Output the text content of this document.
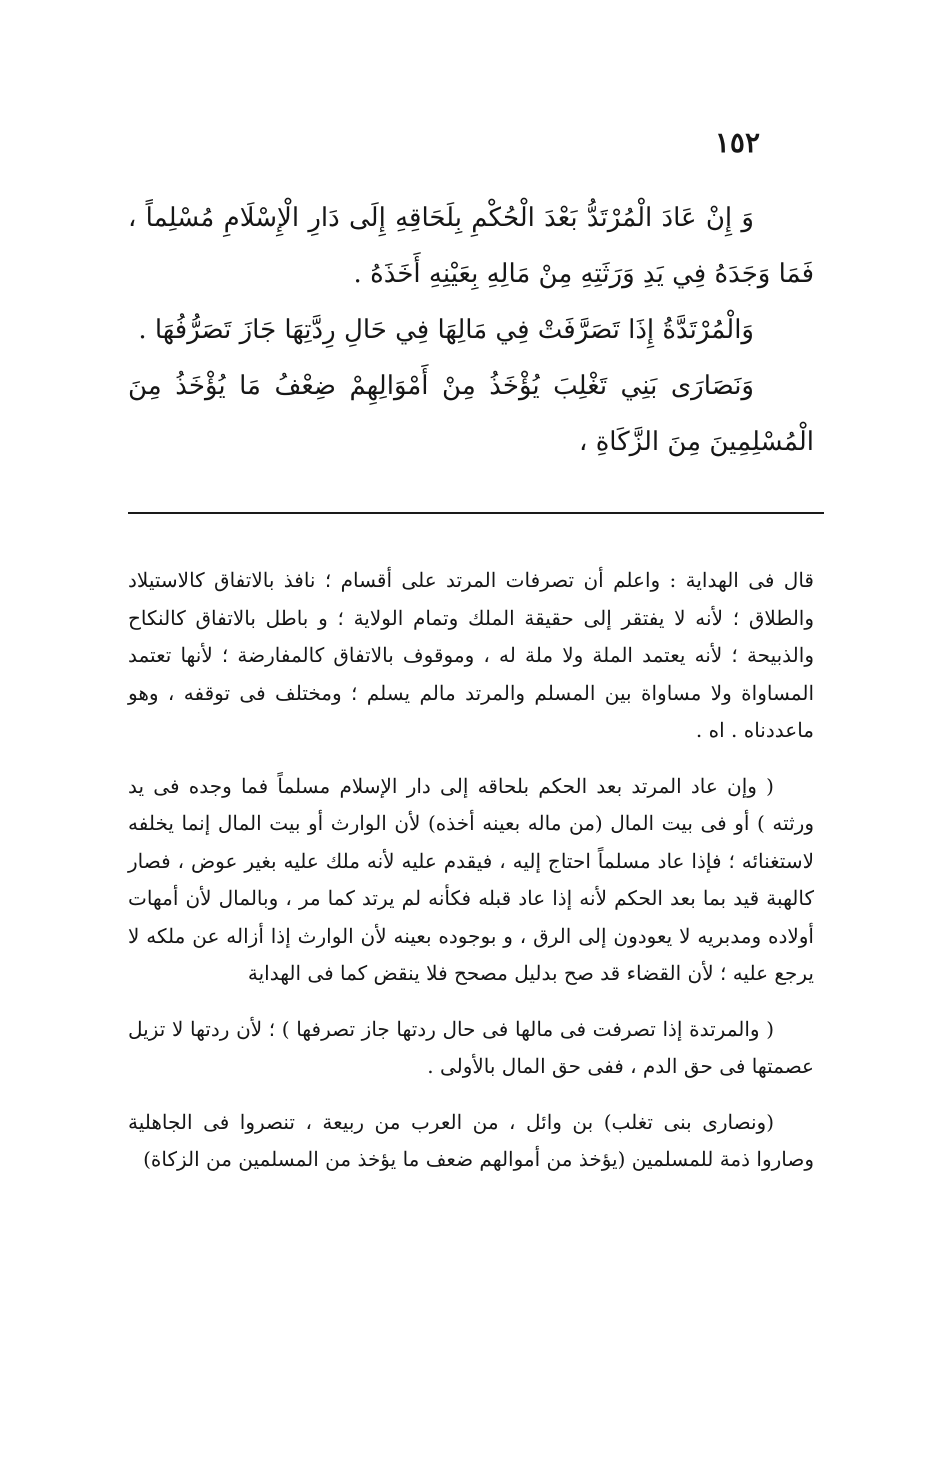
١٥٢

وَ إِنْ عَادَ الْمُرْتَدُّ بَعْدَ الْحُكْمِ بِلَحَاقِهِ إِلَى دَارِ الْإِسْلَامِ مُسْلِماً ، فَمَا وَجَدَهُ فِي يَدِ وَرَثَتِهِ مِنْ مَالِهِ بِعَيْنِهِ أَخَذَهُ .

وَالْمُرْتَدَّةُ إِذَا تَصَرَّفَتْ فِي مَالِهَا فِي حَالِ رِدَّتِهَا جَازَ تَصَرُّفُهَا .

وَنَصَارَى بَنِي تَغْلِبَ يُؤْخَذُ مِنْ أَمْوَالِهِمْ ضِعْفُ مَا يُؤْخَذُ مِنَ الْمُسْلِمِينَ مِنَ الزَّكَاةِ ،

قال فى الهداية : واعلم أن تصرفات المرتد على أقسام ؛ نافذ بالاتفاق كالاستيلاد والطلاق ؛ لأنه لا يفتقر إلى حقيقة الملك وتمام الولاية ؛ و باطل بالاتفاق كالنكاح والذبيحة ؛ لأنه يعتمد الملة ولا ملة له ، وموقوف بالاتفاق كالمفارضة ؛ لأنها تعتمد المساواة ولا مساواة بين المسلم والمرتد مالم يسلم ؛ ومختلف فى توقفه ، وهو ماعددناه . اه .

( وإن عاد المرتد بعد الحكم بلحاقه إلى دار الإسلام مسلماً فما وجده فى يد ورثته ) أو فى بيت المال (من ماله بعينه أخذه) لأن الوارث أو بيت المال إنما يخلفه لاستغنائه ؛ فإذا عاد مسلماً احتاج إليه ، فيقدم عليه لأنه ملك عليه بغير عوض ، فصار كالهبة قيد بما بعد الحكم لأنه إذا عاد قبله فكأنه لم يرتد كما مر ، وبالمال لأن أمهات أولاده ومدبريه لا يعودون إلى الرق ، و بوجوده بعينه لأن الوارث إذا أزاله عن ملكه لا يرجع عليه ؛ لأن القضاء قد صح بدليل مصحح فلا ينقض كما فى الهداية

( والمرتدة إذا تصرفت فى مالها فى حال ردتها جاز تصرفها ) ؛ لأن ردتها لا تزيل عصمتها فى حق الدم ، ففى حق المال بالأولى .

(ونصارى بنى تغلب) بن وائل ، من العرب من ربيعة ، تنصروا فى الجاهلية وصاروا ذمة للمسلمين (يؤخذ من أموالهم ضعف ما يؤخذ من المسلمين من الزكاة)
